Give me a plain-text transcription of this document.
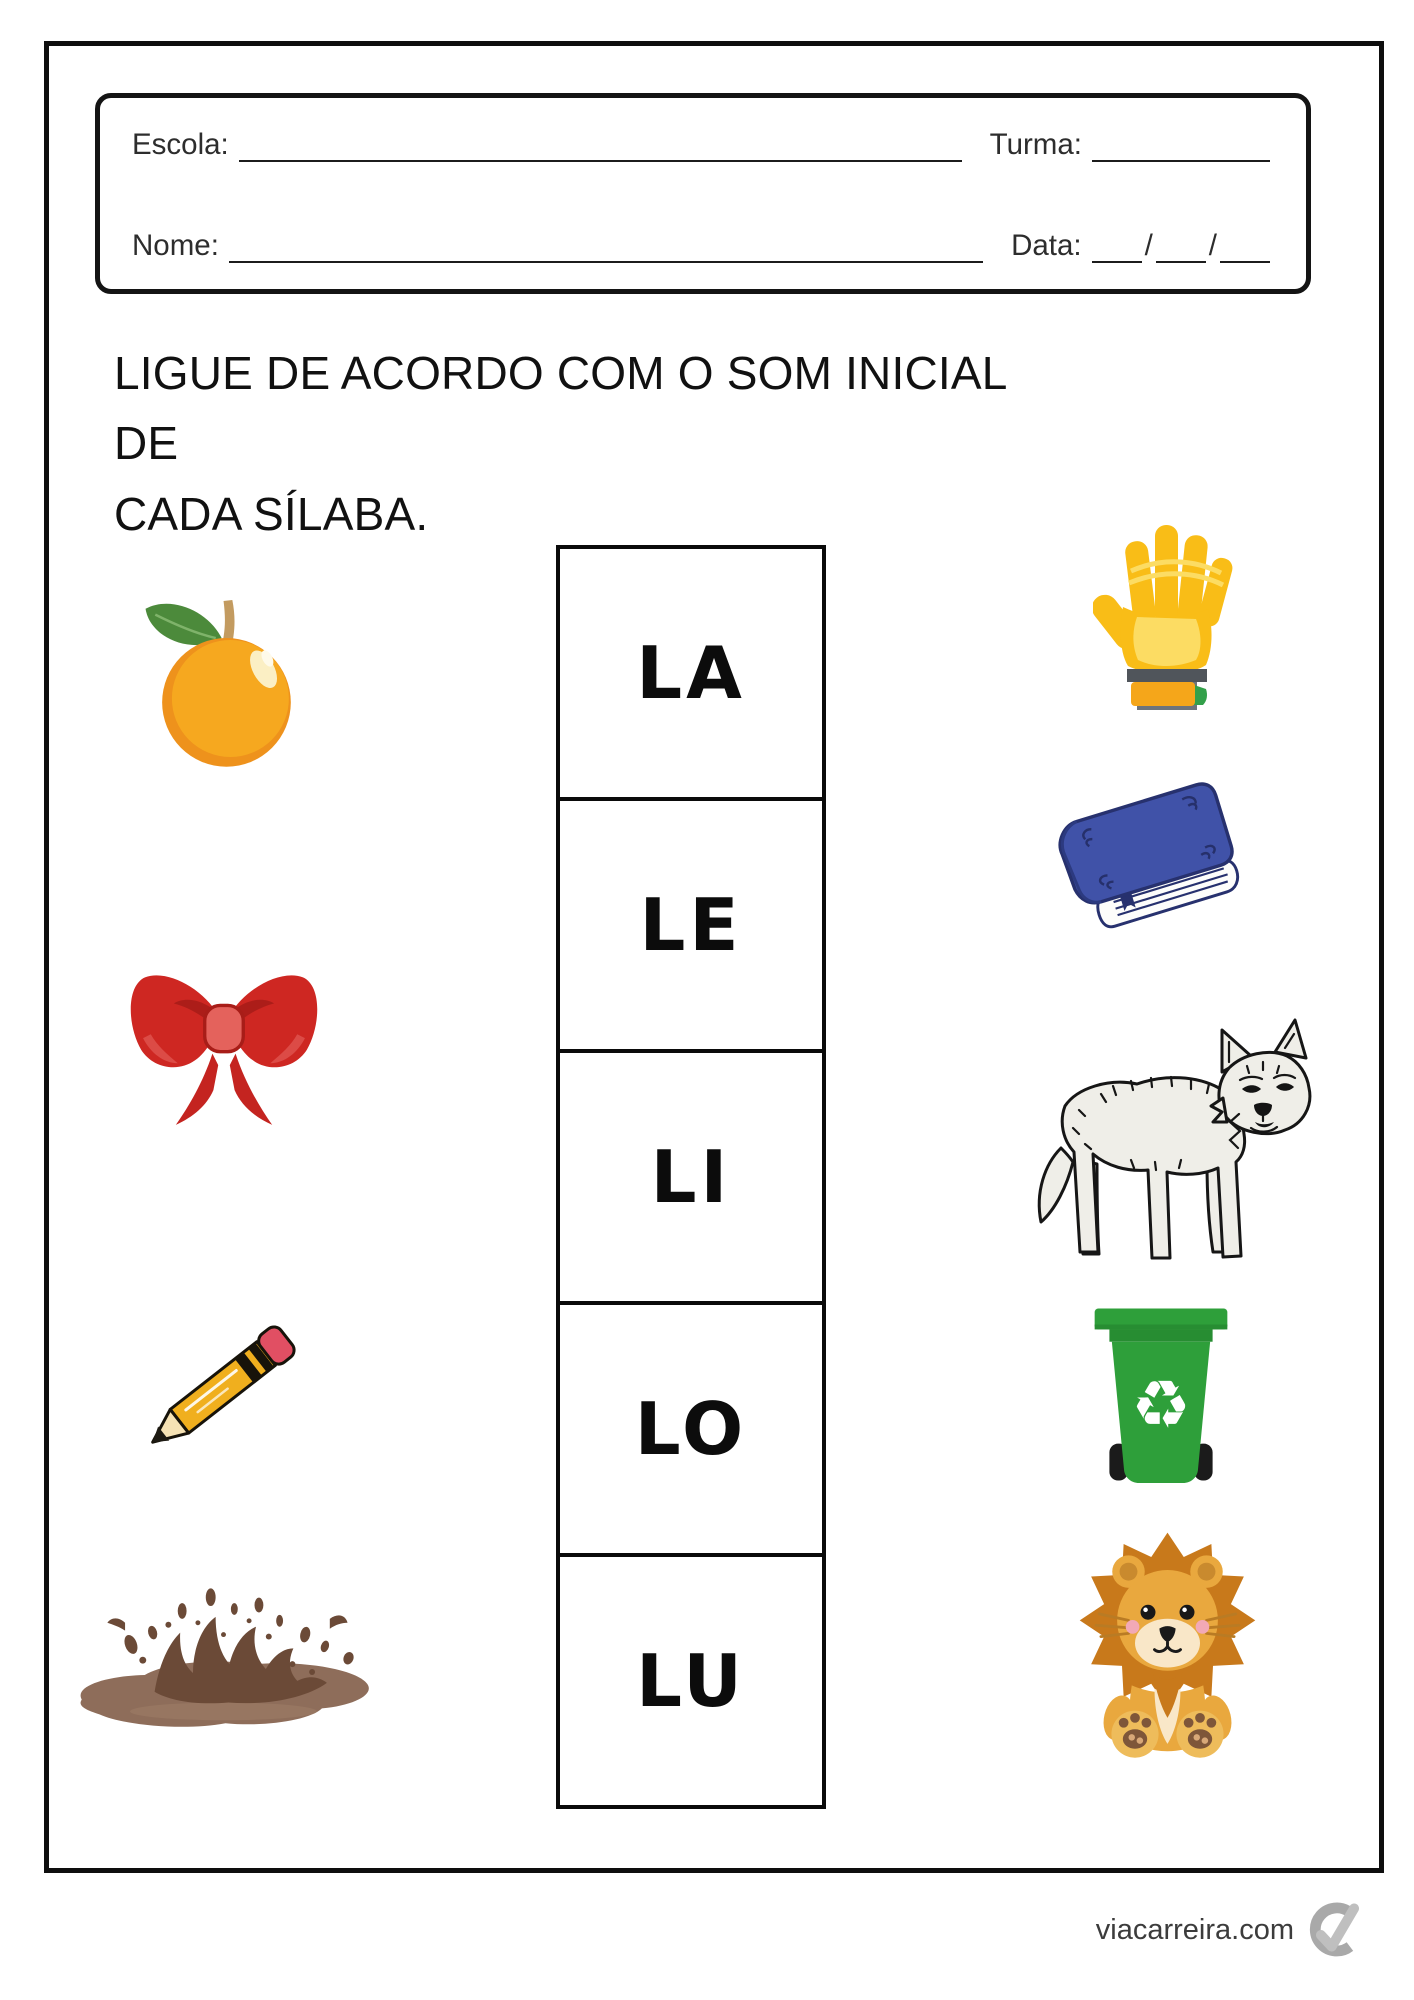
Escola:	Turma:
Nome:	Data:	/ /
LIGUE DE ACORDO COM O SOM INICIAL DE
CADA SÍLABA.
LA
LE
LI
LO
LU
♻
viacarreira.com
